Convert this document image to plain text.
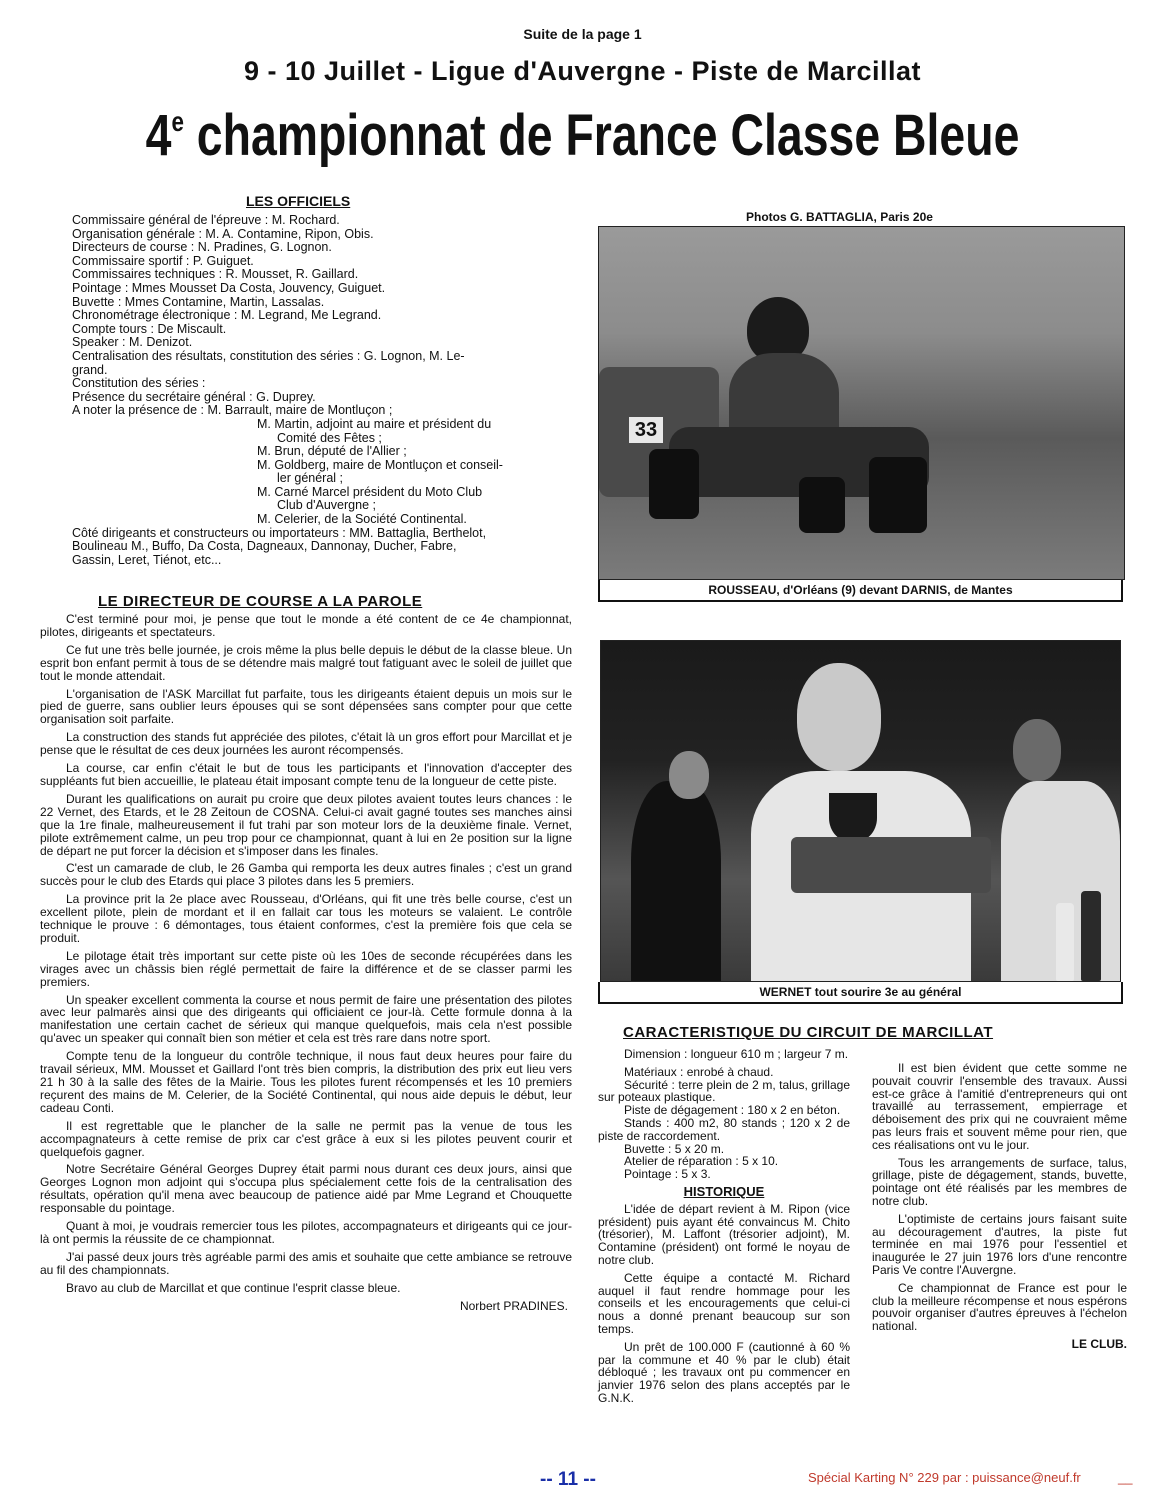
Suite de la page 1
9 - 10 Juillet - Ligue d'Auvergne - Piste de Marcillat
4e championnat de France Classe Bleue
LES OFFICIELS
Commissaire général de l'épreuve : M. Rochard.
Organisation générale : M. A. Contamine, Ripon, Obis.
Directeurs de course : N. Pradines, G. Lognon.
Commissaire sportif : P. Guiguet.
Commissaires techniques : R. Mousset, R. Gaillard.
Pointage : Mmes Mousset Da Costa, Jouvency, Guiguet.
Buvette : Mmes Contamine, Martin, Lassalas.
Chronométrage électronique : M. Legrand, Me Legrand.
Compte tours : De Miscault.
Speaker : M. Denizot.
Centralisation des résultats, constitution des séries : G. Lognon, M. Le-
grand.
Constitution des séries :
Présence du secrétaire général : G. Duprey.
A noter la présence de : M. Barrault, maire de Montluçon ;
M. Martin, adjoint au maire et président du
Comité des Fêtes ;
M. Brun, député de l'Allier ;
M. Goldberg, maire de Montluçon et conseil-
ler général ;
M. Carné Marcel président du Moto Club
Club d'Auvergne ;
M. Celerier, de la Société Continental.
Côté dirigeants et constructeurs ou importateurs : MM. Battaglia, Berthelot,
Boulineau M., Buffo, Da Costa, Dagneaux, Dannonay, Ducher, Fabre,
Gassin, Leret, Tiénot, etc...
LE DIRECTEUR DE COURSE A LA PAROLE

C'est terminé pour moi, je pense que tout le monde a été content de ce 4e championnat, pilotes, dirigeants et spectateurs.

Ce fut une très belle journée, je crois même la plus belle depuis le début de la classe bleue. Un esprit bon enfant permit à tous de se détendre mais malgré tout fatiguant avec le soleil de juillet que tout le monde attendait.

L'organisation de l'ASK Marcillat fut parfaite, tous les dirigeants étaient depuis un mois sur le pied de guerre, sans oublier leurs épouses qui se sont dépensées sans compter pour que cette organisation soit parfaite.

La construction des stands fut appréciée des pilotes, c'était là un gros effort pour Marcillat et je pense que le résultat de ces deux journées les auront récompensés.

La course, car enfin c'était le but de tous les participants et l'innovation d'accepter des suppléants fut bien accueillie, le plateau était imposant compte tenu de la longueur de cette piste.

Durant les qualifications on aurait pu croire que deux pilotes avaient toutes leurs chances : le 22 Vernet, des Etards, et le 28 Zeitoun de COSNA. Celui-ci avait gagné toutes ses manches ainsi que la 1re finale, malheureusement il fut trahi par son moteur lors de la deuxième finale. Vernet, pilote extrêmement calme, un peu trop pour ce championnat, quant à lui en 2e position sur la ligne de départ ne put forcer la décision et s'imposer dans les finales.

C'est un camarade de club, le 26 Gamba qui remporta les deux autres finales ; c'est un grand succès pour le club des Etards qui place 3 pilotes dans les 5 premiers.

La province prit la 2e place avec Rousseau, d'Orléans, qui fit une très belle course, c'est un excellent pilote, plein de mordant et il en fallait car tous les moteurs se valaient. Le contrôle technique le prouve : 6 démontages, tous étaient conformes, c'est la première fois que cela se produit.

Le pilotage était très important sur cette piste où les 10es de seconde récupérées dans les virages avec un châssis bien réglé permettait de faire la différence et de se classer parmi les premiers.

Un speaker excellent commenta la course et nous permit de faire une présentation des pilotes avec leur palmarès ainsi que des dirigeants qui officiaient ce jour-là. Cette formule donna à la manifestation une certain cachet de sérieux qui manque quelquefois, mais cela n'est possible qu'avec un speaker qui connaît bien son métier et cela est très rare dans notre sport.

Compte tenu de la longueur du contrôle technique, il nous faut deux heures pour faire du travail sérieux, MM. Mousset et Gaillard l'ont très bien compris, la distribution des prix eut lieu vers 21 h 30 à la salle des fêtes de la Mairie. Tous les pilotes furent récompensés et les 10 premiers reçurent des mains de M. Celerier, de la Société Continental, qui nous aide depuis le début, leur cadeau Conti.

Il est regrettable que le plancher de la salle ne permit pas la venue de tous les accompagnateurs à cette remise de prix car c'est grâce à eux si les pilotes peuvent courir et quelquefois gagner.

Notre Secrétaire Général Georges Duprey était parmi nous durant ces deux jours, ainsi que Georges Lognon mon adjoint qui s'occupa plus spécialement cette fois de la centralisation des résultats, opération qu'il mena avec beaucoup de patience aidé par Mme Legrand et Chouquette responsable du pointage.

Quant à moi, je voudrais remercier tous les pilotes, accompagnateurs et dirigeants qui ce jour-là ont permis la réussite de ce championnat.

J'ai passé deux jours très agréable parmi des amis et souhaite que cette ambiance se retrouve au fil des championnats.

Bravo au club de Marcillat et que continue l'esprit classe bleue.

Norbert PRADINES.
Photos G. BATTAGLIA, Paris 20e
33
ROUSSEAU, d'Orléans (9) devant DARNIS, de Mantes
WERNET tout sourire 3e au général
CARACTERISTIQUE DU CIRCUIT DE MARCILLAT

Dimension : longueur 610 m ; largeur 7 m.

Matériaux : enrobé à chaud.

Sécurité : terre plein de 2 m, talus, grillage sur poteaux plastique.

Piste de dégagement : 180 x 2 en béton.

Stands : 400 m2, 80 stands ; 120 x 2 de piste de raccordement.

Buvette : 5 x 20 m.

Atelier de réparation : 5 x 10.

Pointage : 5 x 3.

HISTORIQUE

L'idée de départ revient à M. Ripon (vice président) puis ayant été convaincus M. Chito (trésorier), M. Laffont (trésorier adjoint), M. Contamine (président) ont formé le noyau de notre club.

Cette équipe a contacté M. Richard auquel il faut rendre hommage pour les conseils et les encouragements que celui-ci nous a donné prenant beaucoup sur son temps.

Un prêt de 100.000 F (cautionné à 60 % par la commune et 40 % par le club) était débloqué ; les travaux ont pu commencer en janvier 1976 selon des plans acceptés par le G.N.K.

Il est bien évident que cette somme ne pouvait couvrir l'ensemble des travaux. Aussi est-ce grâce à l'amitié d'entrepreneurs qui ont travaillé au terrassement, empierrage et déboisement des prix qui ne couvraient même pas leurs frais et souvent même pour rien, que ces réalisations ont vu le jour.

Tous les arrangements de surface, talus, grillage, piste de dégagement, stands, buvette, pointage ont été réalisés par les membres de notre club.

L'optimiste de certains jours faisant suite au découragement d'autres, la piste fut terminée en mai 1976 pour l'essentiel et inaugurée le 27 juin 1976 lors d'une rencontre Paris Ve contre l'Auvergne.

Ce championnat de France est pour le club la meilleure récompense et nous espérons pouvoir organiser d'autres épreuves à l'échelon national.

LE CLUB.
-- 11 --	Spécial Karting N° 229 par : puissance@neuf.fr	__
